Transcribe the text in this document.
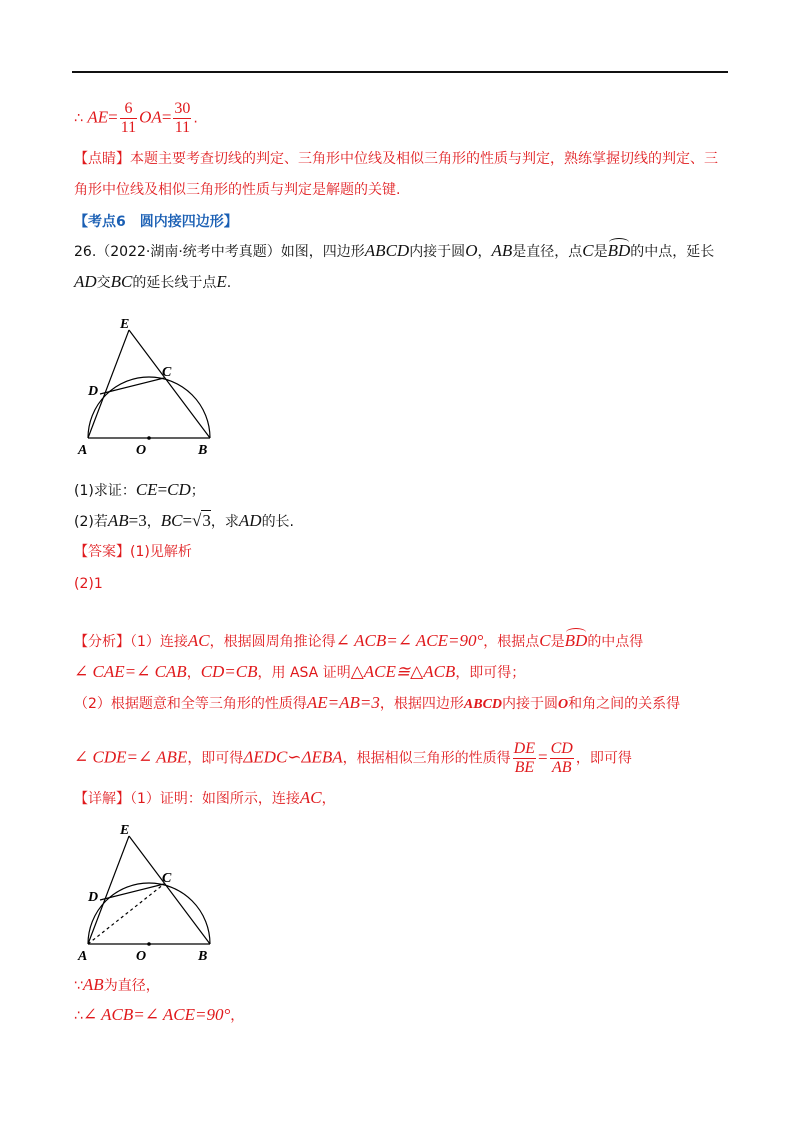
∴ $AE= \frac{6}{11} OA= \frac{30}{11}$ .
【点睛】本题主要考查切线的判定、三角形中位线及相似三角形的性质与判定，熟练掌握切线的判定、三
角形中位线及相似三角形的性质与判定是解题的关键.
【考点6　圆内接四边形】
26.（2022·湖南·统考中考真题）如图，四边形ABCD内接于圆O，AB是直径，点C是BD的中点，延长
AD交BC的延长线于点E.
E
D
C
A	O	B
(1)求证：CE=CD；
(2)若AB=3，BC=√3，求AD的长.
【答案】(1)见解析
(2)1
【分析】（1）连接AC，根据圆周角推论得∠ ACB=∠ ACE=90°，根据点C是BD的中点得
∠ CAE=∠ CAB，CD=CB，用 ASA 证明△ACE≅△ACB，即可得；
（2）根据题意和全等三角形的性质得AE=AB=3，根据四边形ABCD内接于圆O和角之间的关系得
∠ CDE=∠ ABE，即可得ΔEDC∽ΔEBA，根据相似三角形的性质得 $\frac{DE}{BE} = \frac{CD}{AB}$ ，即可得
【详解】（1）证明：如图所示，连接AC，
E
D
C
A	O	B
∵AB为直径，
∴∠ ACB=∠ ACE=90°，
